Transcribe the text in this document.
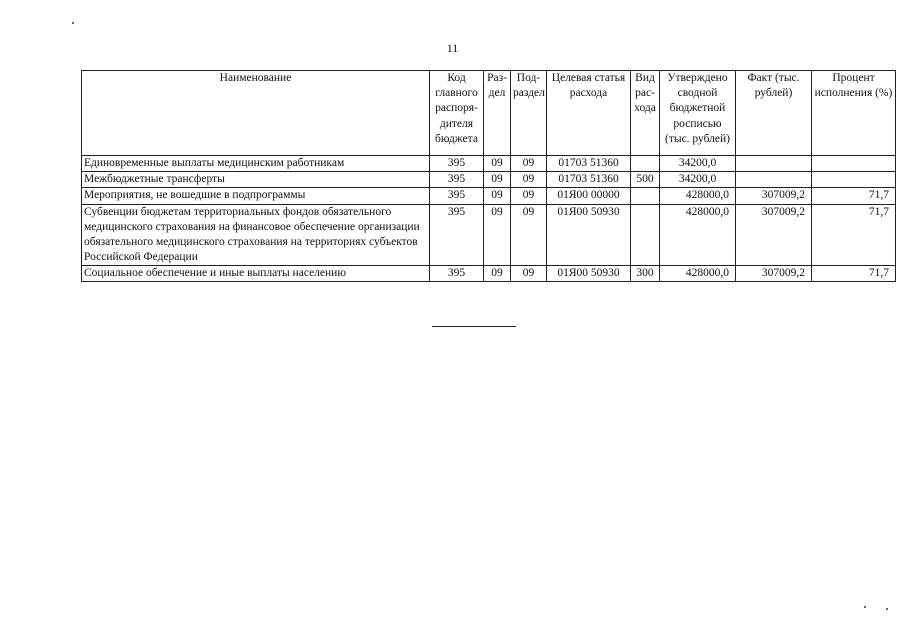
11
Наименование	Код главного распоря-дителя бюджета	Раз-дел	Под-раздел	Целевая статья расхода	Вид рас-хода	Утверждено сводной бюджетной росписью (тыс. рублей)	Факт (тыс. рублей)	Процент исполнения (%)
Единовременные выплаты медицинским работникам	395	09	09	01703 51360		34200,0		
Межбюджетные трансферты	395	09	09	01703 51360	500	34200,0		
Мероприятия, не вошедшие в подпрограммы	395	09	09	01Я00 00000		428000,0	307009,2	71,7
Субвенции бюджетам территориальных фондов обязательного медицинского страхования на финансовое обеспечение организации обязательного медицинского страхования на территориях субъектов Российской Федерации	395	09	09	01Я00 50930		428000,0	307009,2	71,7
Социальное обеспечение и иные выплаты населению	395	09	09	01Я00 50930	300	428000,0	307009,2	71,7
